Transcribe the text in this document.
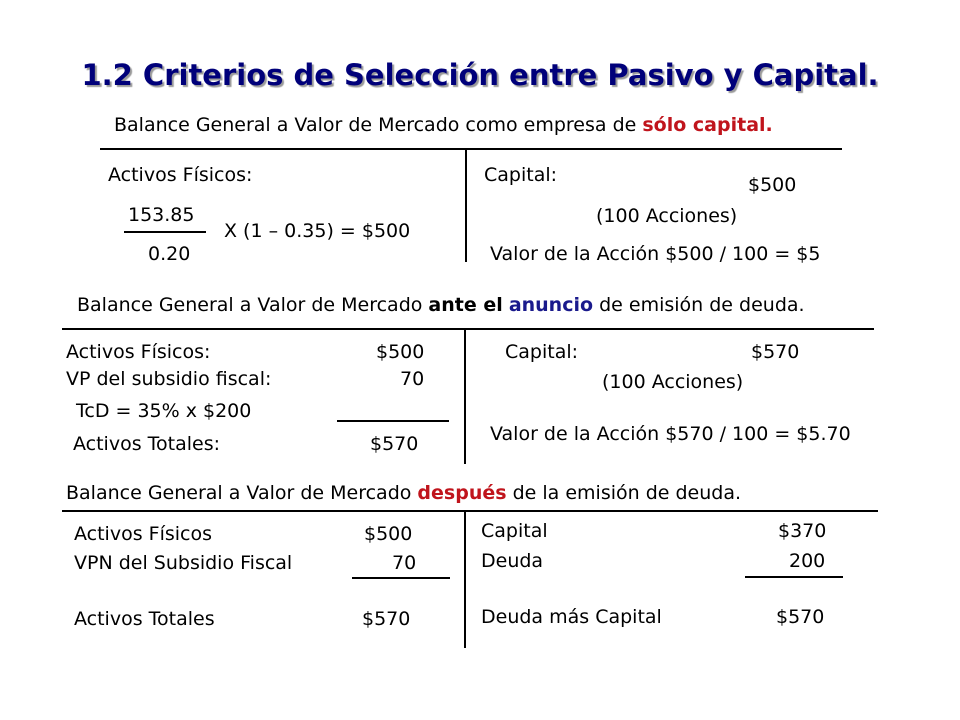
1.2 Criterios de Selección entre Pasivo y Capital.
Balance General a Valor de Mercado como empresa de sólo capital.
Activos Físicos:
153.85
0.20
X (1 – 0.35) = $500
Capital:	$500
(100 Acciones)
Valor de la Acción $500 / 100 = $5
Balance General a Valor de Mercado ante el anuncio de emisión de deuda.
Activos Físicos:	$500
VP del subsidio fiscal:	70
TcD = 35% x $200
Activos Totales:	$570
Capital:	$570
(100 Acciones)
Valor de la Acción $570 / 100 = $5.70
Balance General a Valor de Mercado después de la emisión de deuda.
Activos Físicos	$500
VPN del Subsidio Fiscal	70
Activos Totales	$570
Capital	$370
Deuda	200
Deuda más Capital	$570
